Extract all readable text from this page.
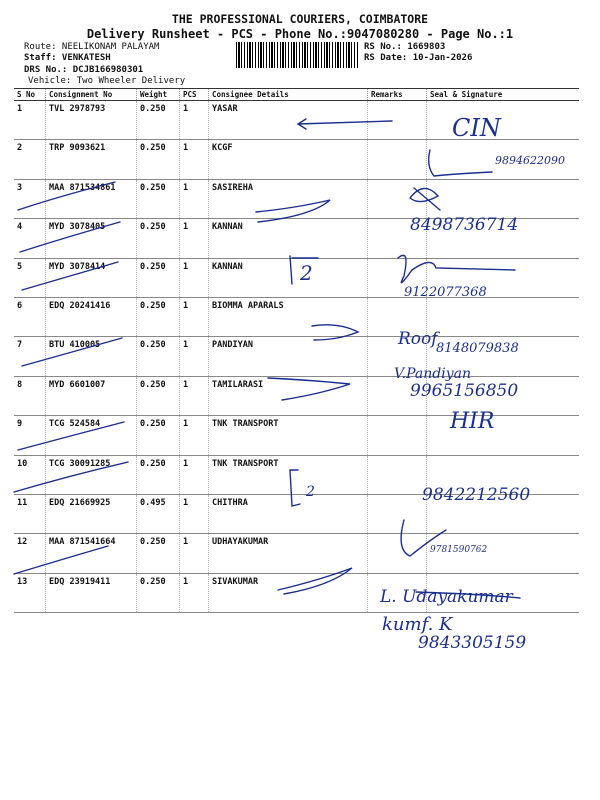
THE PROFESSIONAL COURIERS, COIMBATORE
Delivery Runsheet - PCS - Phone No.:9047080280 - Page No.:1
Route: NEELIKONAM PALAYAM
Staff: VENKATESH
DRS No.: DCJB166980301
Vehicle: Two Wheeler Delivery
RS No.: 1669803
RS Date: 10-Jan-2026
S No	Consignment No	Weight	PCS	Consignee Details	Remarks	Seal & Signature
1	TVL 2978793	0.250	1	YASAR		
2	TRP 9093621	0.250	1	KCGF		
3	MAA 871534861	0.250	1	SASIREHA		
4	MYD 3078405	0.250	1	KANNAN		
5	MYD 3078414	0.250	1	KANNAN		
6	EDQ 20241416	0.250	1	BIOMMA APARALS		
7	BTU 410005	0.250	1	PANDIYAN		
8	MYD 6601007	0.250	1	TAMILARASI		
9	TCG 524584	0.250	1	TNK TRANSPORT		
10	TCG 30091285	0.250	1	TNK TRANSPORT		
11	EDQ 21669925	0.495	1	CHITHRA		
12	MAA 871541664	0.250	1	UDHAYAKUMAR		
13	EDQ 23919411	0.250	1	SIVAKUMAR		
CIN
9894622090
8498736714
2
9122077368
Roof
8148079838
V.Pandiyan
9965156850
HIR
2	9842212560
9781590762
L. Udayakumar
kumf. K
9843305159
